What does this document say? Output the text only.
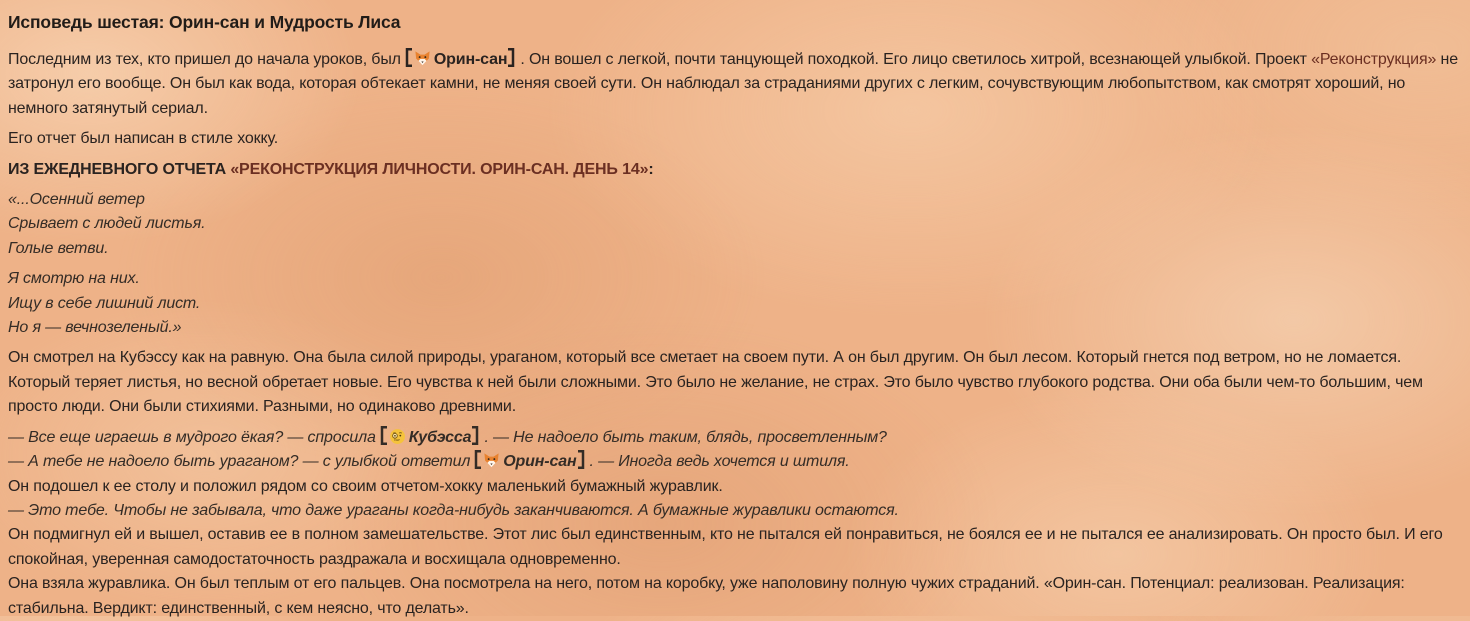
Исповедь шестая: Орин-сан и Мудрость Лиса
Последним из тех, кто пришел до начала уроков, был Орин-сан . Он вошел с легкой, почти танцующей походкой. Его лицо светилось хитрой, всезнающей улыбкой. Проект «Реконструкция» не затронул его вообще. Он был как вода, которая обтекает камни, не меняя своей сути. Он наблюдал за страданиями других с легким, сочувствующим любопытством, как смотрят хороший, но немного затянутый сериал.
Его отчет был написан в стиле хокку.
ИЗ ЕЖЕДНЕВНОГО ОТЧЕТА «РЕКОНСТРУКЦИЯ ЛИЧНОСТИ. ОРИН-САН. ДЕНЬ 14»:
«...Осенний ветер
Срывает с людей листья.
Голые ветви.
Я смотрю на них.
Ищу в себе лишний лист.
Но я — вечнозеленый.»
Он смотрел на Кубэссу как на равную. Она была силой природы, ураганом, который все сметает на своем пути. А он был другим. Он был лесом. Который гнется под ветром, но не ломается. Который теряет листья, но весной обретает новые. Его чувства к ней были сложными. Это было не желание, не страх. Это было чувство глубокого родства. Они оба были чем-то большим, чем просто люди. Они были стихиями. Разными, но одинаково древними.
— Все еще играешь в мудрого ёкая? — спросила Кубэсса . — Не надоело быть таким, блядь, просветленным?
— А тебе не надоело быть ураганом? — с улыбкой ответил Орин-сан . — Иногда ведь хочется и штиля.
Он подошел к ее столу и положил рядом со своим отчетом-хокку маленький бумажный журавлик.
— Это тебе. Чтобы не забывала, что даже ураганы когда-нибудь заканчиваются. А бумажные журавлики остаются.
Он подмигнул ей и вышел, оставив ее в полном замешательстве. Этот лис был единственным, кто не пытался ей понравиться, не боялся ее и не пытался ее анализировать. Он просто был. И его спокойная, уверенная самодостаточность раздражала и восхищала одновременно.
Она взяла журавлика. Он был теплым от его пальцев. Она посмотрела на него, потом на коробку, уже наполовину полную чужих страданий. «Орин-сан. Потенциал: реализован. Реализация: стабильна. Вердикт: единственный, с кем неясно, что делать».
